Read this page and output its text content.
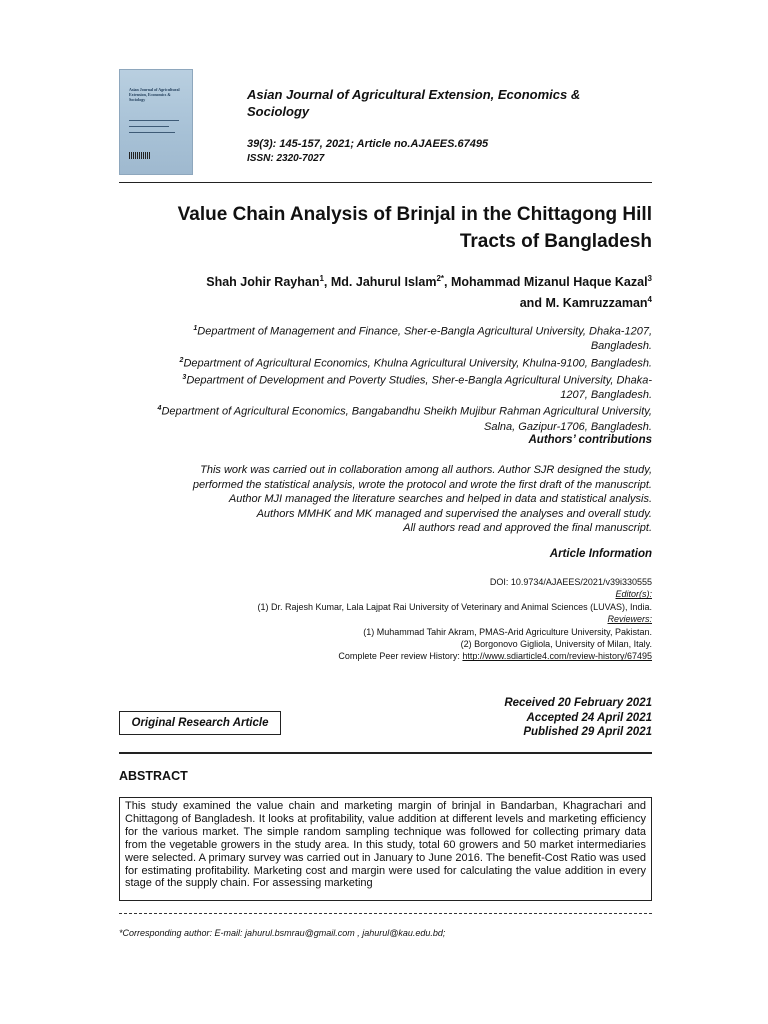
Asian Journal of Agricultural Extension, Economics & Sociology	Asian Journal of Agricultural Extension, Economics &
Sociology
39(3): 145-157, 2021; Article no.AJAEES.67495
ISSN: 2320-7027
Value Chain Analysis of Brinjal in the Chittagong Hill
Tracts of Bangladesh
Shah Johir Rayhan$^1$, Md. Jahurul Islam$^{2*}$, Mohammad Mizanul Haque Kazal$^3$
and M. Kamruzzaman$^4$
$^1$Department of Management and Finance, Sher-e-Bangla Agricultural University, Dhaka-1207,
Bangladesh.
$^2$Department of Agricultural Economics, Khulna Agricultural University, Khulna-9100, Bangladesh.
$^3$Department of Development and Poverty Studies, Sher-e-Bangla Agricultural University, Dhaka-
1207, Bangladesh.
$^4$Department of Agricultural Economics, Bangabandhu Sheikh Mujibur Rahman Agricultural University,
Salna, Gazipur-1706, Bangladesh.
Authors’ contributions
This work was carried out in collaboration among all authors. Author SJR designed the study,
performed the statistical analysis, wrote the protocol and wrote the first draft of the manuscript.
Author MJI managed the literature searches and helped in data and statistical analysis.
Authors MMHK and MK managed and supervised the analyses and overall study.
All authors read and approved the final manuscript.
Article Information
DOI: 10.9734/AJAEES/2021/v39i330555
Editor(s):
(1) Dr. Rajesh Kumar, Lala Lajpat Rai University of Veterinary and Animal Sciences (LUVAS), India.
Reviewers:
(1) Muhammad Tahir Akram, PMAS-Arid Agriculture University, Pakistan.
(2) Borgonovo Gigliola, University of Milan, Italy.
Complete Peer review History: http://www.sdiarticle4.com/review-history/67495
Received 20 February 2021
Accepted 24 April 2021
Published 29 April 2021
Original Research Article
ABSTRACT
This study examined the value chain and marketing margin of brinjal in Bandarban, Khagrachari and Chittagong of Bangladesh. It looks at profitability, value addition at different levels and marketing efficiency for the various market. The simple random sampling technique was followed for collecting primary data from the vegetable growers in the study area. In this study, total 60 growers and 50 market intermediaries were selected. A primary survey was carried out in January to June 2016. The benefit-Cost Ratio was used for estimating profitability. Marketing cost and margin were used for calculating the value addition in every stage of the supply chain. For assessing marketing
*Corresponding author: E-mail: jahurul.bsmrau@gmail.com , jahurul@kau.edu.bd;
